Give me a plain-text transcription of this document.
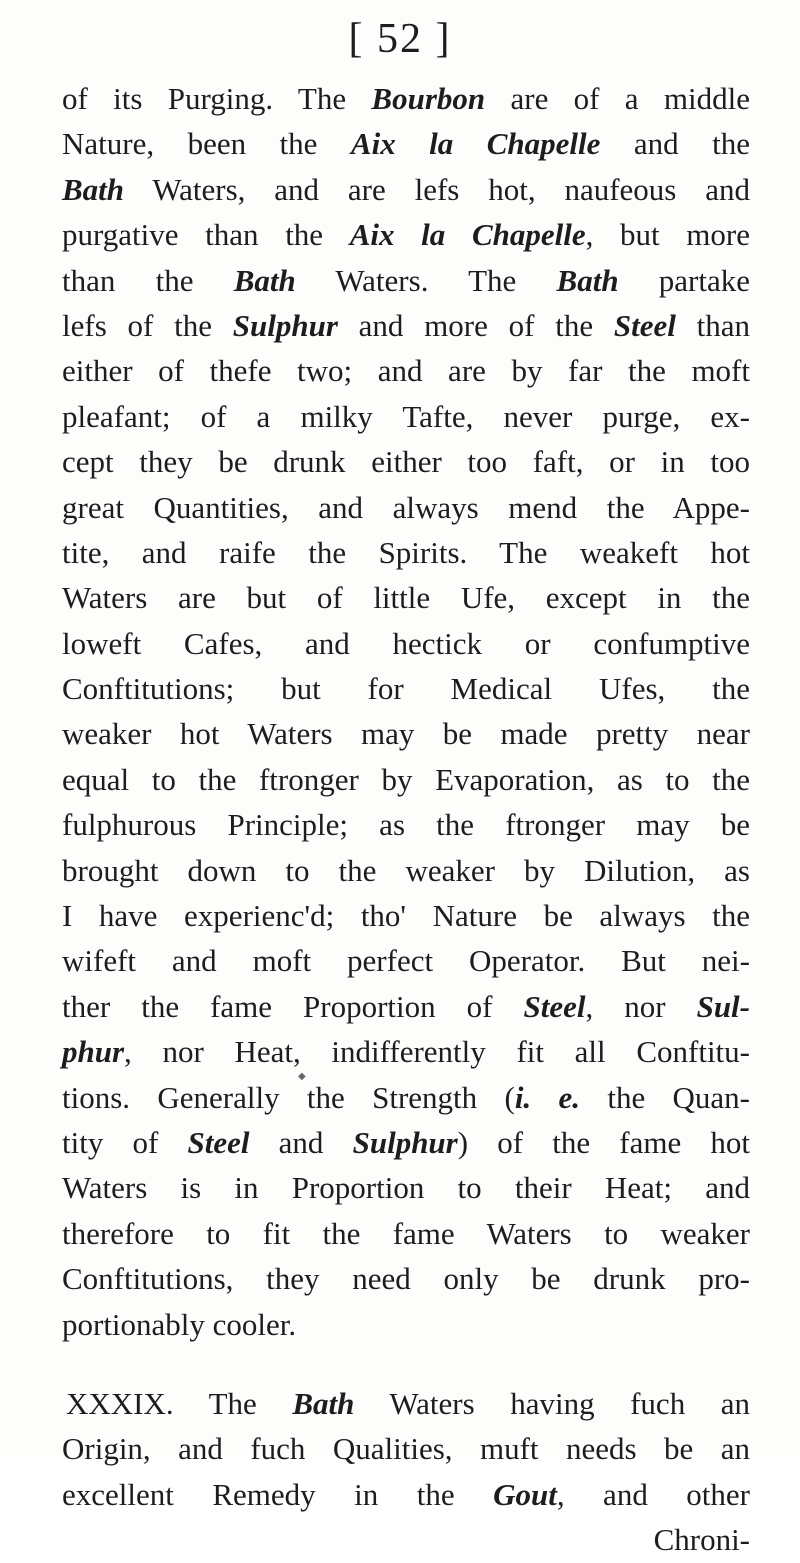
[ 52 ]
of its Purging. The Bourbon are of a middle
Nature, been the Aix la Chapelle and the
Bath Waters, and are lefs hot, naufeous and
purgative than the Aix la Chapelle, but more
than the Bath Waters. The Bath partake
lefs of the Sulphur and more of the Steel than
either of thefe two; and are by far the moft
pleafant; of a milky Tafte, never purge, ex-
cept they be drunk either too faft, or in too
great Quantities, and always mend the Appe-
tite, and raife the Spirits. The weakeft hot
Waters are but of little Ufe, except in the
loweft Cafes, and hectick or confumptive
Conftitutions; but for Medical Ufes, the
weaker hot Waters may be made pretty near
equal to the ftronger by Evaporation, as to the
fulphurous Principle; as the ftronger may be
brought down to the weaker by Dilution, as
I have experienc'd; tho' Nature be always the
wifeft and moft perfect Operator. But nei-
ther the fame Proportion of Steel, nor Sul-
phur, nor Heat, indifferently fit all Conftitu-
tions. Generally the Strength (i. e. the Quan-
tity of Steel and Sulphur) of the fame hot
Waters is in Proportion to their Heat; and
therefore to fit the fame Waters to weaker
Conftitutions, they need only be drunk pro-
portionably cooler.
XXXIX. The Bath Waters having fuch an
Origin, and fuch Qualities, muft needs be an
excellent Remedy in the Gout, and other
Chroni-
◆
